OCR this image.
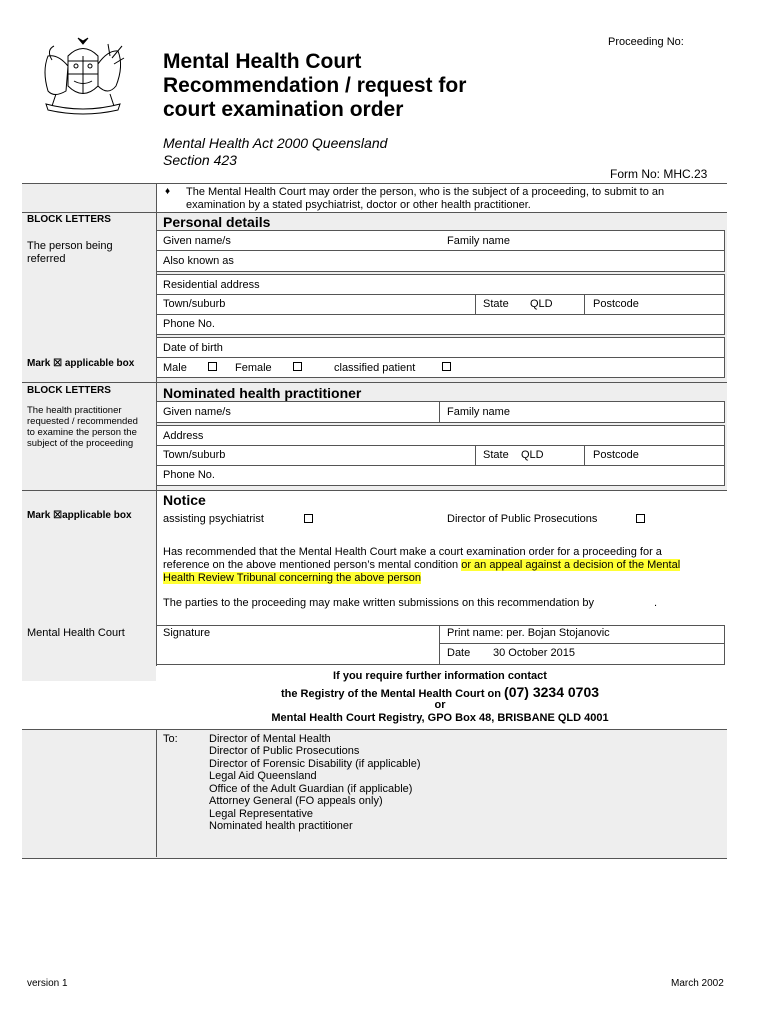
Proceeding No:
Mental Health Court
Recommendation / request for
court examination order
Mental Health Act 2000 Queensland
Section 423
Form No: MHC.23
♦ The Mental Health Court may order the person, who is the subject of a proceeding, to submit to an
examination by a stated psychiatrist, doctor or other health practitioner.
BLOCK LETTERS
The person being
referred
Mark ☒ applicable box
Personal details
Given name/s	Family name
Also known as
Residential address
Town/suburb	State QLD	Postcode
Phone No.
Date of birth
Male	Female	classified patient
BLOCK LETTERS
The health practitioner
requested / recommended
to examine the person the
subject of the proceeding
Nominated health practitioner
Given name/s	Family name
Address
Town/suburb	State QLD	Postcode
Phone No.
Mark ☒applicable box
Notice
assisting psychiatrist	Director of Public Prosecutions
Has recommended that the Mental Health Court make a court examination order for a proceeding for a
reference on the above mentioned person’s mental condition or an appeal against a decision of the Mental
Health Review Tribunal concerning the above person
The parties to the proceeding may make written submissions on this recommendation by	.
Mental Health Court	Signature	Print name: per. Bojan Stojanovic
Date 30 October 2015
If you require further information contact
the Registry of the Mental Health Court on (07) 3234 0703
or
Mental Health Court Registry, GPO Box 48, BRISBANE QLD 4001
To:	Director of Mental Health
Director of Public Prosecutions
Director of Forensic Disability (if applicable)
Legal Aid Queensland
Office of the Adult Guardian (if applicable)
Attorney General (FO appeals only)
Legal Representative
Nominated health practitioner
version 1	March 2002
